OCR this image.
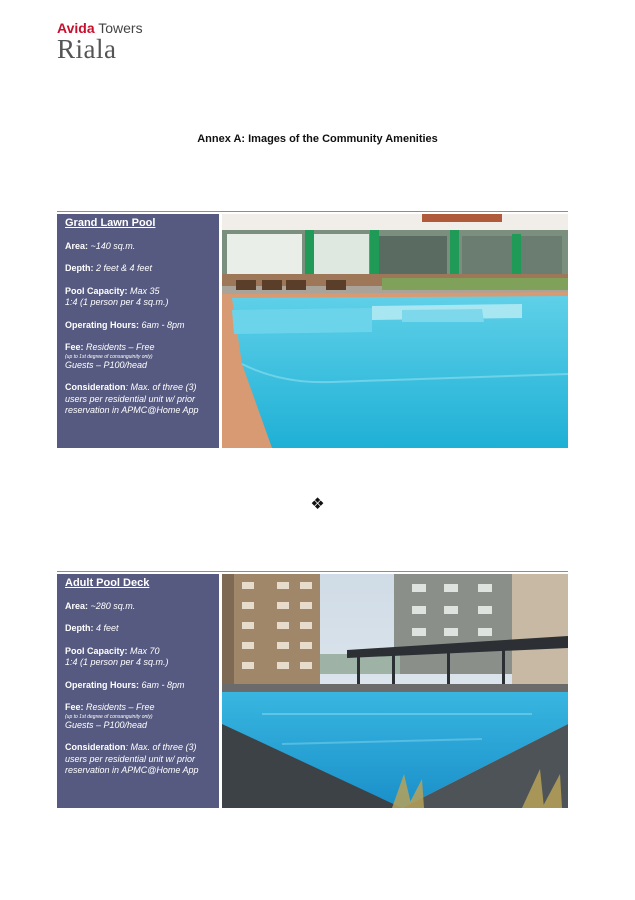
Avida Towers
Riala
Annex A: Images of the Community Amenities
Grand Lawn Pool
Area: ~140 sq.m.
Depth: 2 feet & 4 feet
Pool Capacity: Max 35
1:4 (1 person per 4 sq.m.)
Operating Hours: 6am - 8pm
Fee: Residents – Free
(up to 1st degree of consanguinity only)
Guests – P100/head
Consideration: Max. of three (3) users per residential unit w/ prior reservation in APMC@Home App
❖
Adult Pool Deck
Area: ~280 sq.m.
Depth: 4 feet
Pool Capacity: Max 70
1:4 (1 person per 4 sq.m.)
Operating Hours: 6am - 8pm
Fee: Residents – Free
(up to 1st degree of consanguinity only)
Guests – P100/head
Consideration: Max. of three (3) users per residential unit w/ prior reservation in APMC@Home App
